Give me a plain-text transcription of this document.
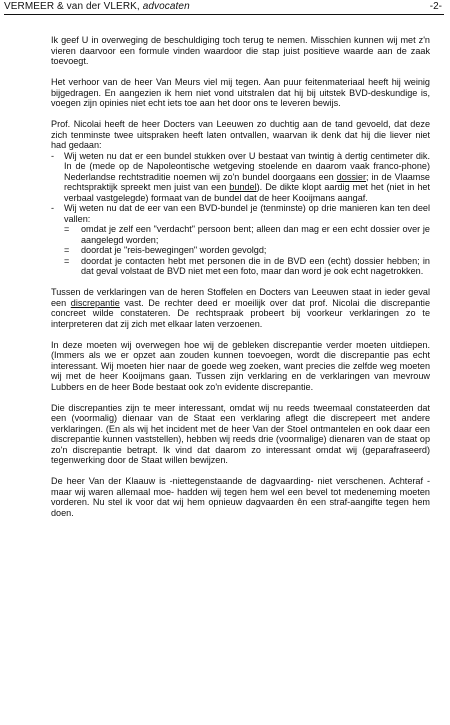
VERMEER & van der VLERK, advocaten	-2-

Ik geef U in overweging de beschuldiging toch terug te nemen. Misschien kunnen wij met z'n vieren daarvoor een formule vinden waardoor die stap juist positieve waarde aan de zaak toevoegt.

Het verhoor van de heer Van Meurs viel mij tegen. Aan puur feitenmateriaal heeft hij weinig bijgedragen. En aangezien ik hem niet vond uitstralen dat hij bij uitstek BVD-deskundige is, voegen zijn opinies niet echt iets toe aan het door ons te leveren bewijs.

Prof. Nicolai heeft de heer Docters van Leeuwen zo duchtig aan de tand gevoeld, dat deze zich tenminste twee uitspraken heeft laten ontvallen, waarvan ik denk dat hij die liever niet had gedaan:

-	Wij weten nu dat er een bundel stukken over U bestaat van twintig à dertig centimeter dik. In de (mede op de Napoleontische wetgeving stoelende en daarom vaak franco-phone) Nederlandse rechtstraditie noemen wij zo'n bundel doorgaans een dossier; in de Vlaamse rechtspraktijk spreekt men juist van een bundel). De dikte klopt aardig met het (niet in het verbaal vastgelegde) formaat van de bundel dat de heer Kooijmans aangaf.
-	Wij weten nu dat de eer van een BVD-bundel je (tenminste) op drie manieren kan ten deel vallen:
=	omdat je zelf een "verdacht" persoon bent; alleen dan mag er een echt dossier over je aangelegd worden;
=	doordat je "reis-bewegingen" worden gevolgd;
=	doordat je contacten hebt met personen die in de BVD een (echt) dossier hebben; in dat geval volstaat de BVD niet met een foto, maar dan word je ook echt nagetrokken.

Tussen de verklaringen van de heren Stoffelen en Docters van Leeuwen staat in ieder geval een discrepantie vast. De rechter deed er moeilijk over dat prof. Nicolai die discrepantie concreet wilde constateren. De rechtspraak probeert bij voorkeur verklaringen zo te interpreteren dat zij zich met elkaar laten verzoenen.

In deze moeten wij overwegen hoe wij de gebleken discrepantie verder moeten uitdiepen. (Immers als we er opzet aan zouden kunnen toevoegen, wordt die discrepantie pas echt interessant. Wij moeten hier naar de goede weg zoeken, want precies die zelfde weg moeten wij met de heer Kooijmans gaan. Tussen zijn verklaring en de verklaringen van mevrouw Lubbers en de heer Bode bestaat ook zo'n evidente discrepantie.

Die discrepanties zijn te meer interessant, omdat wij nu reeds tweemaal constateerden dat een (voormalig) dienaar van de Staat een verklaring aflegt die discrepeert met andere verklaringen. (En als wij het incident met de heer Van der Stoel ontmantelen en ook daar een discrepantie kunnen vaststellen), hebben wij reeds drie (voormalige) dienaren van de staat op zo'n discrepantie betrapt. Ik vind dat daarom zo interessant omdat wij (geparafraseerd) tegenwerking door de Staat willen bewijzen.

De heer Van der Klaauw is -niettegenstaande de dagvaarding- niet verschenen. Achteraf -maar wij waren allemaal moe- hadden wij tegen hem wel een bevel tot medeneming moeten vorderen. Nu stel ik voor dat wij hem opnieuw dagvaarden ên een straf-aangifte tegen hem doen.
